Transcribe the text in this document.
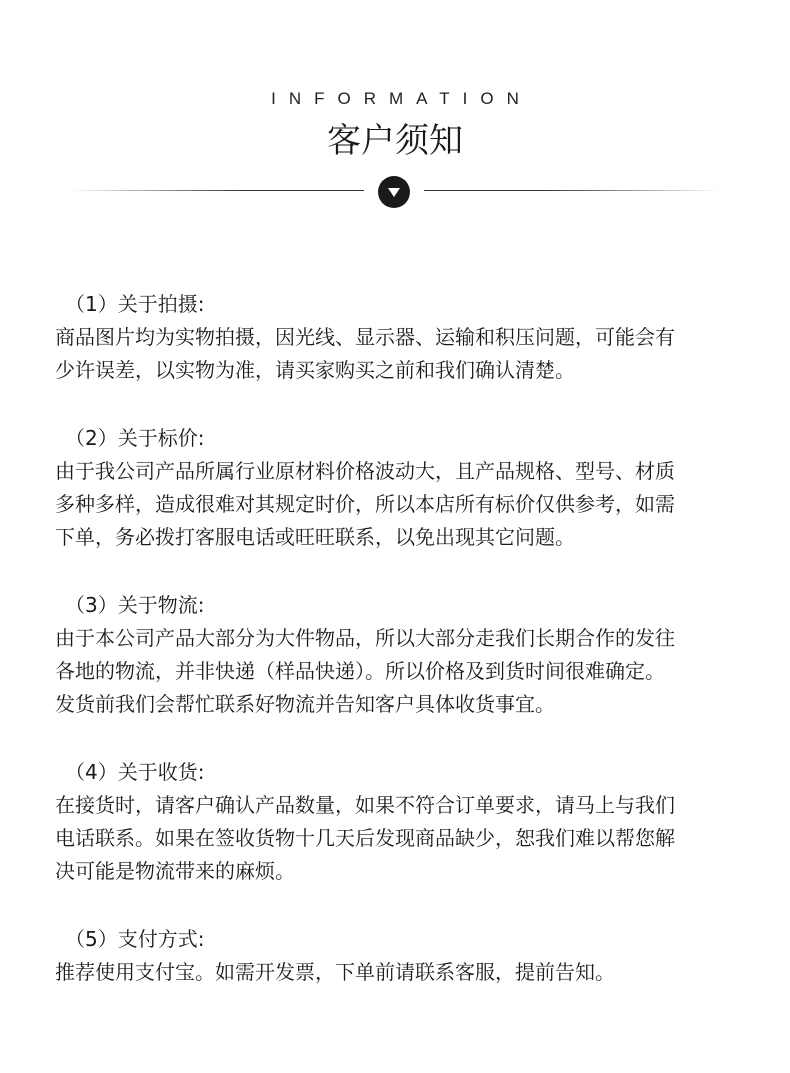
INFORMATION
客户须知
（1）关于拍摄:
商品图片均为实物拍摄，因光线、显示器、运输和积压问题，可能会有
少许误差，以实物为准，请买家购买之前和我们确认清楚。
（2）关于标价:
由于我公司产品所属行业原材料价格波动大，且产品规格、型号、材质
多种多样，造成很难对其规定时价，所以本店所有标价仅供参考，如需
下单，务必拨打客服电话或旺旺联系，以免出现其它问题。
（3）关于物流:
由于本公司产品大部分为大件物品，所以大部分走我们长期合作的发往
各地的物流，并非快递（样品快递）。所以价格及到货时间很难确定。
发货前我们会帮忙联系好物流并告知客户具体收货事宜。
（4）关于收货:
在接货时，请客户确认产品数量，如果不符合订单要求，请马上与我们
电话联系。如果在签收货物十几天后发现商品缺少，恕我们难以帮您解
决可能是物流带来的麻烦。
（5）支付方式:
推荐使用支付宝。如需开发票，下单前请联系客服，提前告知。
